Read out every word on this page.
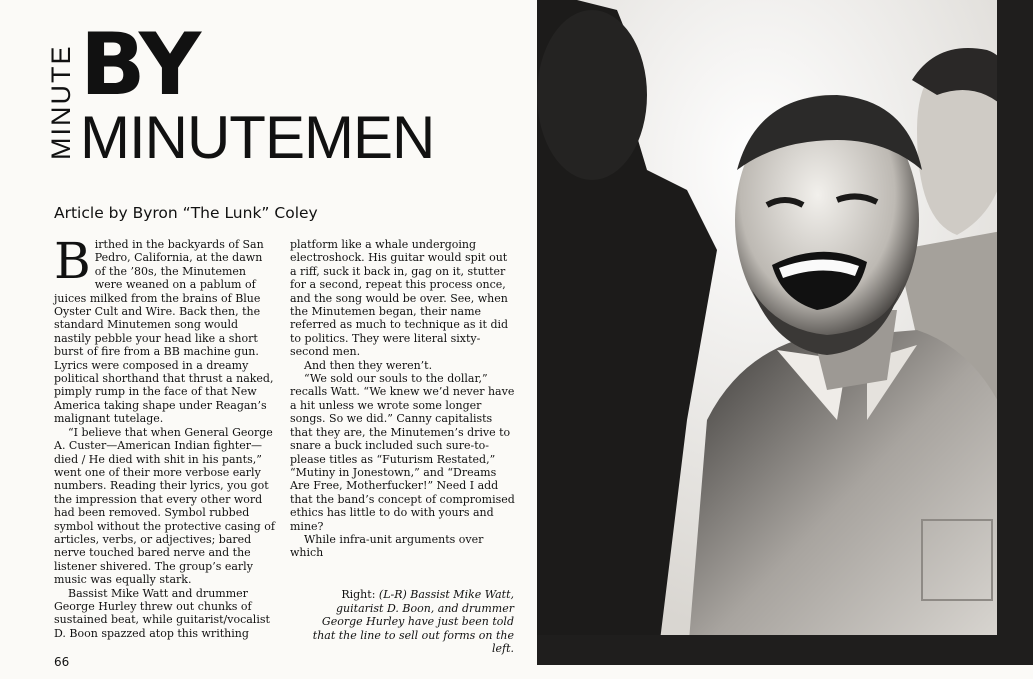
MINUTE BY
MINUTEMEN
Article by Byron “The Lunk” Coley

Birthed in the backyards of San Pedro, California, at the dawn of the ’80s, the Minutemen were weaned on a pablum of juices milked from the brains of Blue Oyster Cult and Wire. Back then, the standard Minutemen song would nastily pebble your head like a short burst of fire from a BB machine gun. Lyrics were composed in a dreamy political shorthand that thrust a naked, pimply rump in the face of that New America taking shape under Reagan’s malignant tutelage.

“I believe that when General George A. Custer—American Indian fighter—died / He died with shit in his pants,” went one of their more verbose early numbers. Reading their lyrics, you got the impression that every other word had been removed. Symbol rubbed symbol without the protective casing of articles, verbs, or adjectives; bared nerve touched bared nerve and the listener shivered. The group’s early music was equally stark.

Bassist Mike Watt and drummer George Hurley threw out chunks of sustained beat, while guitarist/vocalist D. Boon spazzed atop this writhing

platform like a whale undergoing electroshock. His guitar would spit out a riff, suck it back in, gag on it, stutter for a second, repeat this process once, and the song would be over. See, when the Minutemen began, their name referred as much to technique as it did to politics. They were literal sixty-second men.

And then they weren’t.

“We sold our souls to the dollar,” recalls Watt. “We knew we’d never have a hit unless we wrote some longer songs. So we did.” Canny capitalists that they are, the Minutemen’s drive to snare a buck included such sure-to-please titles as “Futurism Restated,” “Mutiny in Jonestown,” and “Dreams Are Free, Motherfucker!” Need I add that the band’s concept of compromised ethics has little to do with yours and mine?

While infra-unit arguments over which

Right: (L-R) Bassist Mike Watt, guitarist D. Boon, and drummer George Hurley have just been told that the line to sell out forms on the left.
66
